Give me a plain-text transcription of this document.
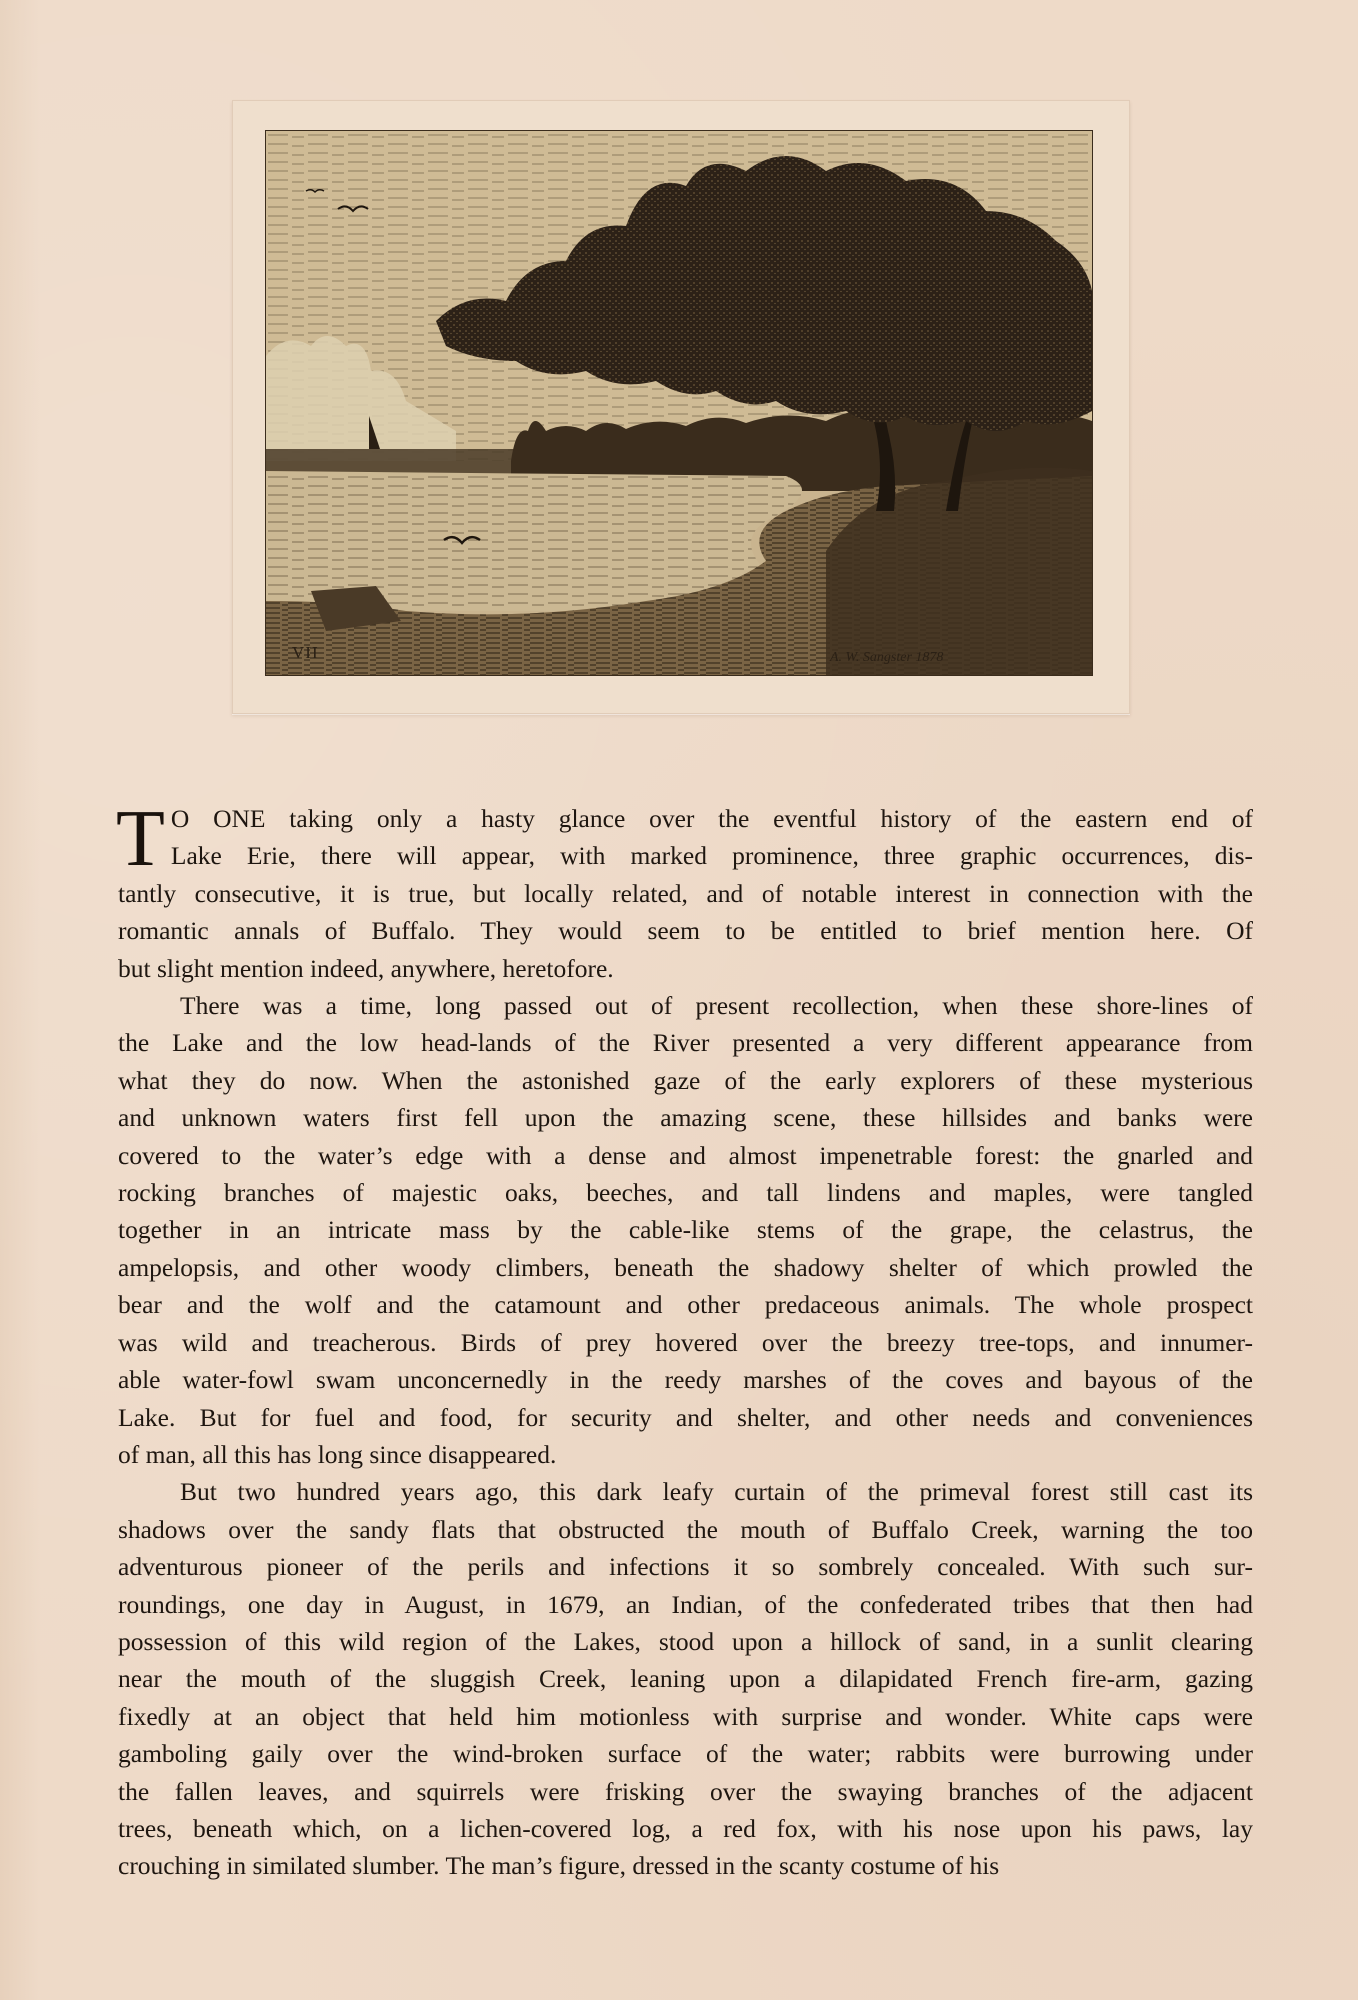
VII	A. W. Sangster 1878
T O ONE taking only a hasty glance over the eventful history of the eastern end of
Lake Erie, there will appear, with marked prominence, three graphic occurrences, dis-
tantly consecutive, it is true, but locally related, and of notable interest in connection with the
romantic annals of Buffalo. They would seem to be entitled to brief mention here. Of
but slight mention indeed, anywhere, heretofore.
There was a time, long passed out of present recollection, when these shore-lines of
the Lake and the low head-lands of the River presented a very different appearance from
what they do now. When the astonished gaze of the early explorers of these mysterious
and unknown waters first fell upon the amazing scene, these hillsides and banks were
covered to the water’s edge with a dense and almost impenetrable forest: the gnarled and
rocking branches of majestic oaks, beeches, and tall lindens and maples, were tangled
together in an intricate mass by the cable-like stems of the grape, the celastrus, the
ampelopsis, and other woody climbers, beneath the shadowy shelter of which prowled the
bear and the wolf and the catamount and other predaceous animals. The whole prospect
was wild and treacherous. Birds of prey hovered over the breezy tree-tops, and innumer-
able water-fowl swam unconcernedly in the reedy marshes of the coves and bayous of the
Lake. But for fuel and food, for security and shelter, and other needs and conveniences
of man, all this has long since disappeared.
But two hundred years ago, this dark leafy curtain of the primeval forest still cast its
shadows over the sandy flats that obstructed the mouth of Buffalo Creek, warning the too
adventurous pioneer of the perils and infections it so sombrely concealed. With such sur-
roundings, one day in August, in 1679, an Indian, of the confederated tribes that then had
possession of this wild region of the Lakes, stood upon a hillock of sand, in a sunlit clearing
near the mouth of the sluggish Creek, leaning upon a dilapidated French fire-arm, gazing
fixedly at an object that held him motionless with surprise and wonder. White caps were
gamboling gaily over the wind-broken surface of the water; rabbits were burrowing under
the fallen leaves, and squirrels were frisking over the swaying branches of the adjacent
trees, beneath which, on a lichen-covered log, a red fox, with his nose upon his paws, lay
crouching in similated slumber. The man’s figure, dressed in the scanty costume of his
